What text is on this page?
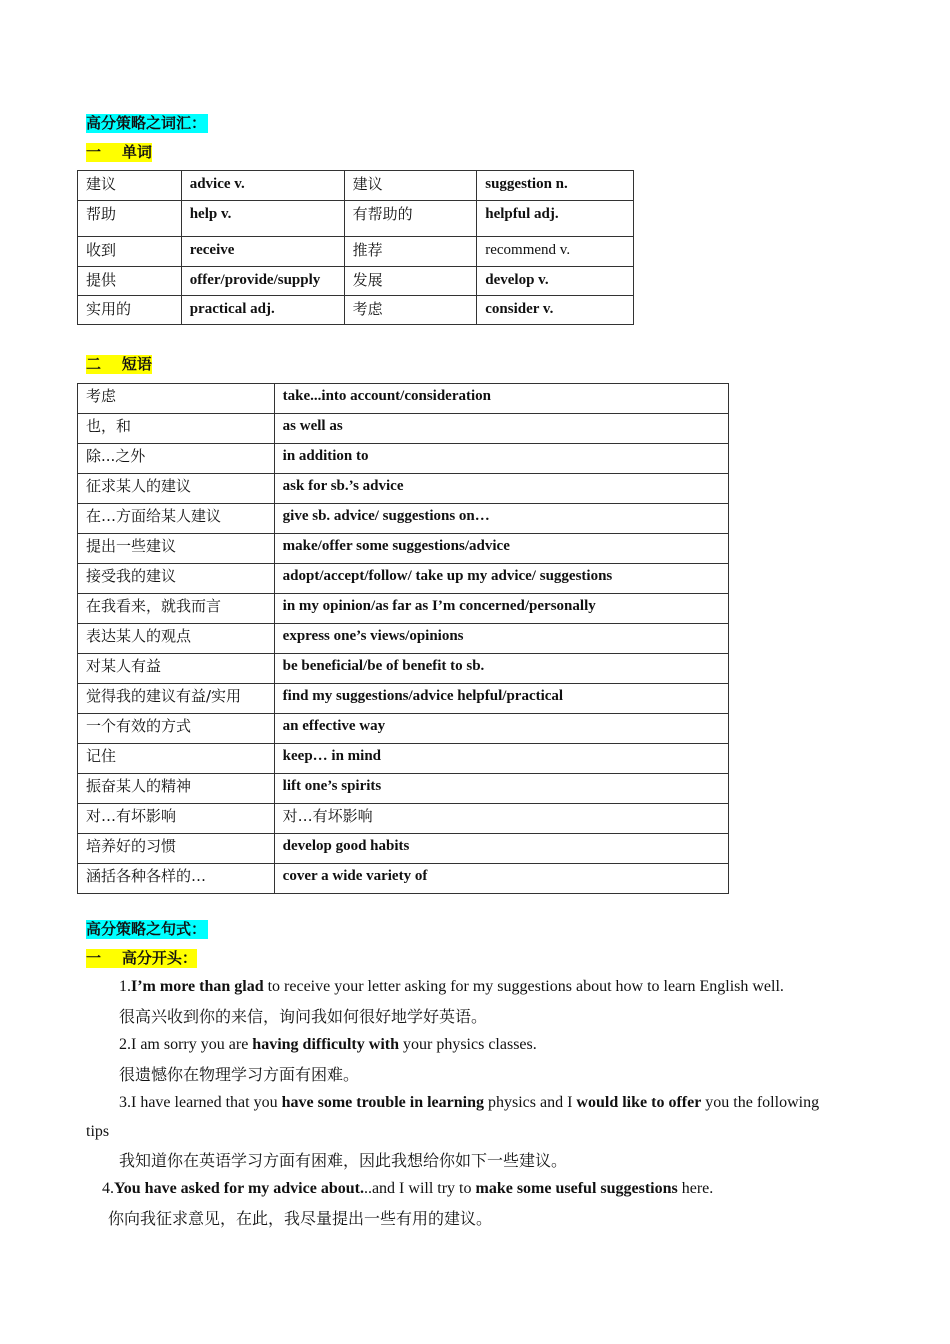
高分策略之词汇：
一 单词
建议	advice v.	建议	suggestion n.
帮助	help v.	有帮助的	helpful adj.
收到	receive	推荐	recommend v.
提供	offer/provide/supply	发展	develop v.
实用的	practical adj.	考虑	consider v.
二 短语
考虑	take...into account/consideration
也，和	as well as
除...之外	in addition to
征求某人的建议	ask for sb.’s advice
在…方面给某人建议	give sb. advice/ suggestions on…
提出一些建议	make/offer some suggestions/advice
接受我的建议	adopt/accept/follow/ take up my advice/ suggestions
在我看来，就我而言	in my opinion/as far as I’m concerned/personally
表达某人的观点	express one’s views/opinions
对某人有益	be beneficial/be of benefit to sb.
觉得我的建议有益/实用	find my suggestions/advice helpful/practical
一个有效的方式	an effective way
记住	keep… in mind
振奋某人的精神	lift one’s spirits
对…有坏影响	对…有坏影响
培养好的习惯	develop good habits
涵括各种各样的…	cover a wide variety of
高分策略之句式：
一 高分开头：
1.I’m more than glad to receive your letter asking for my suggestions about how to learn English well.
很高兴收到你的来信，询问我如何很好地学好英语。
2.I am sorry you are having difficulty with your physics classes.
很遗憾你在物理学习方面有困难。
3.I have learned that you have some trouble in learning physics and I would like to offer you the following
tips
我知道你在英语学习方面有困难，因此我想给你如下一些建议。
4.You have asked for my advice about...and I will try to make some useful suggestions here.
你向我征求意见，在此，我尽量提出一些有用的建议。
